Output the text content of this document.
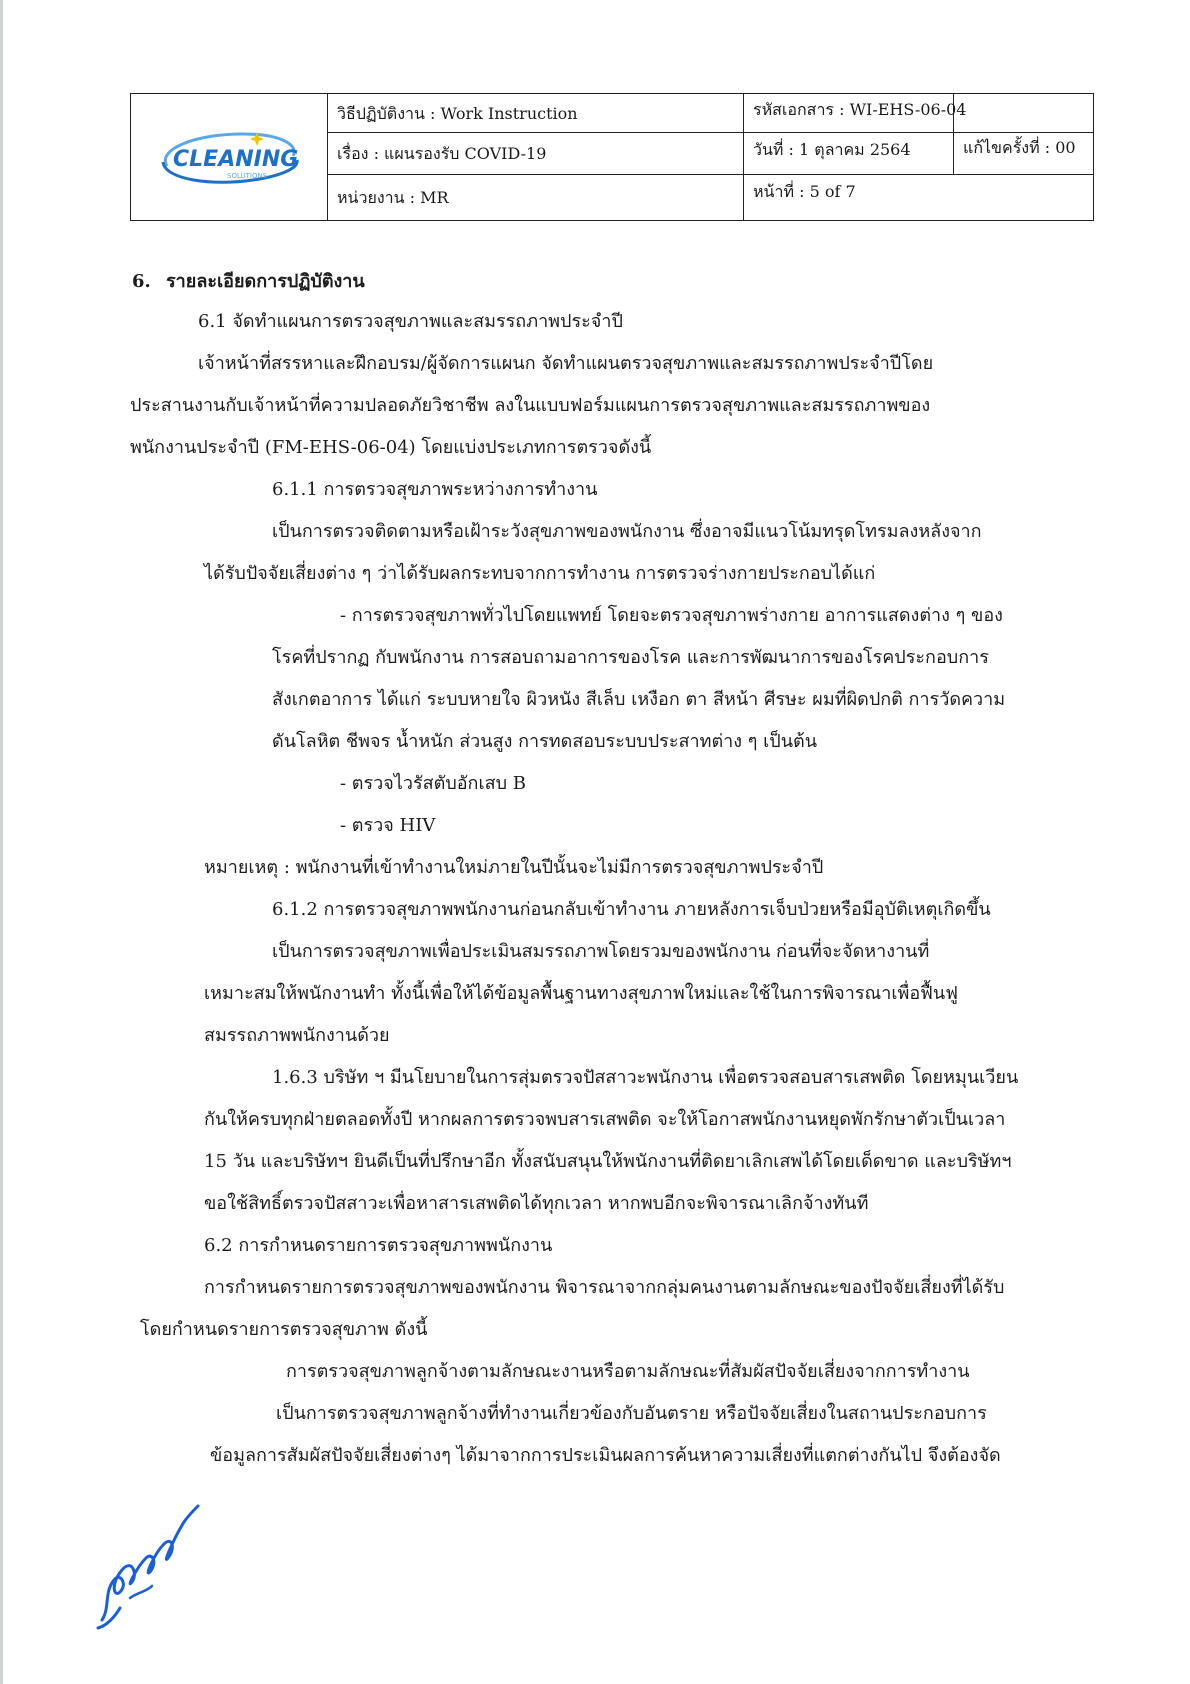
CLEANING
SOLUTIONS
วิธีปฏิบัติงาน : Work Instruction	รหัสเอกสาร : WI-EHS-06-04
เรื่อง : แผนรองรับ COVID-19	วันที่ : 1 ตุลาคม 2564	แก้ไขครั้งที่ : 00
หน่วยงาน : MR	หน้าที่ : 5 of 7
6. รายละเอียดการปฏิบัติงาน
6.1 จัดทำแผนการตรวจสุขภาพและสมรรถภาพประจำปี
เจ้าหน้าที่สรรหาและฝึกอบรม/ผู้จัดการแผนก จัดทำแผนตรวจสุขภาพและสมรรถภาพประจำปีโดย
ประสานงานกับเจ้าหน้าที่ความปลอดภัยวิชาชีพ ลงในแบบฟอร์มแผนการตรวจสุขภาพและสมรรถภาพของ
พนักงานประจำปี (FM-EHS-06-04) โดยแบ่งประเภทการตรวจดังนี้
6.1.1 การตรวจสุขภาพระหว่างการทำงาน
เป็นการตรวจติดตามหรือเฝ้าระวังสุขภาพของพนักงาน ซึ่งอาจมีแนวโน้มทรุดโทรมลงหลังจาก
ได้รับปัจจัยเสี่ยงต่าง ๆ ว่าได้รับผลกระทบจากการทำงาน การตรวจร่างกายประกอบได้แก่
- การตรวจสุขภาพทั่วไปโดยแพทย์ โดยจะตรวจสุขภาพร่างกาย อาการแสดงต่าง ๆ ของ
โรคที่ปรากฏ กับพนักงาน การสอบถามอาการของโรค และการพัฒนาการของโรคประกอบการ
สังเกตอาการ ได้แก่ ระบบหายใจ ผิวหนัง สีเล็บ เหงือก ตา สีหน้า ศีรษะ ผมที่ผิดปกติ การวัดความ
ดันโลหิต ชีพจร น้ำหนัก ส่วนสูง การทดสอบระบบประสาทต่าง ๆ เป็นต้น
- ตรวจไวรัสตับอักเสบ B
- ตรวจ HIV
หมายเหตุ : พนักงานที่เข้าทำงานใหม่ภายในปีนั้นจะไม่มีการตรวจสุขภาพประจำปี
6.1.2 การตรวจสุขภาพพนักงานก่อนกลับเข้าทำงาน ภายหลังการเจ็บป่วยหรือมีอุบัติเหตุเกิดขึ้น
เป็นการตรวจสุขภาพเพื่อประเมินสมรรถภาพโดยรวมของพนักงาน ก่อนที่จะจัดหางานที่
เหมาะสมให้พนักงานทำ ทั้งนี้เพื่อให้ได้ข้อมูลพื้นฐานทางสุขภาพใหม่และใช้ในการพิจารณาเพื่อฟื้นฟู
สมรรถภาพพนักงานด้วย
1.6.3 บริษัท ฯ มีนโยบายในการสุ่มตรวจปัสสาวะพนักงาน เพื่อตรวจสอบสารเสพติด โดยหมุนเวียน
กันให้ครบทุกฝ่ายตลอดทั้งปี หากผลการตรวจพบสารเสพติด จะให้โอกาสพนักงานหยุดพักรักษาตัวเป็นเวลา
15 วัน และบริษัทฯ ยินดีเป็นที่ปรึกษาอีก ทั้งสนับสนุนให้พนักงานที่ติดยาเลิกเสพได้โดยเด็ดขาด และบริษัทฯ
ขอใช้สิทธิ์ตรวจปัสสาวะเพื่อหาสารเสพติดได้ทุกเวลา หากพบอีกจะพิจารณาเลิกจ้างทันที
6.2 การกำหนดรายการตรวจสุขภาพพนักงาน
การกำหนดรายการตรวจสุขภาพของพนักงาน พิจารณาจากกลุ่มคนงานตามลักษณะของปัจจัยเสี่ยงที่ได้รับ
โดยกำหนดรายการตรวจสุขภาพ ดังนี้
การตรวจสุขภาพลูกจ้างตามลักษณะงานหรือตามลักษณะที่สัมผัสปัจจัยเสี่ยงจากการทำงาน
เป็นการตรวจสุขภาพลูกจ้างที่ทำงานเกี่ยวข้องกับอันตราย หรือปัจจัยเสี่ยงในสถานประกอบการ
ข้อมูลการสัมผัสปัจจัยเสี่ยงต่างๆ ได้มาจากการประเมินผลการค้นหาความเสี่ยงที่แตกต่างกันไป จึงต้องจัด
